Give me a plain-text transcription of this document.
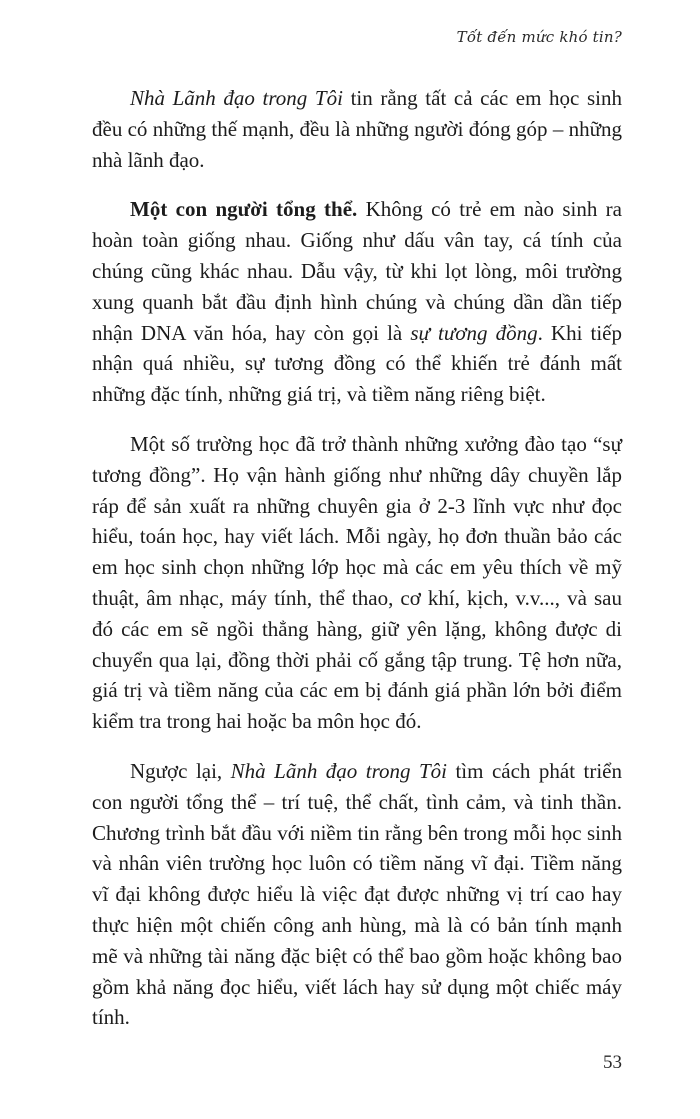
Tốt đến mức khó tin?

Nhà Lãnh đạo trong Tôi tin rằng tất cả các em học sinh đều có những thế mạnh, đều là những người đóng góp – những nhà lãnh đạo.

Một con người tổng thể. Không có trẻ em nào sinh ra hoàn toàn giống nhau. Giống như dấu vân tay, cá tính của chúng cũng khác nhau. Dẫu vậy, từ khi lọt lòng, môi trường xung quanh bắt đầu định hình chúng và chúng dần dần tiếp nhận DNA văn hóa, hay còn gọi là sự tương đồng. Khi tiếp nhận quá nhiều, sự tương đồng có thể khiến trẻ đánh mất những đặc tính, những giá trị, và tiềm năng riêng biệt.

Một số trường học đã trở thành những xưởng đào tạo “sự tương đồng”. Họ vận hành giống như những dây chuyền lắp ráp để sản xuất ra những chuyên gia ở 2-3 lĩnh vực như đọc hiểu, toán học, hay viết lách. Mỗi ngày, họ đơn thuần bảo các em học sinh chọn những lớp học mà các em yêu thích về mỹ thuật, âm nhạc, máy tính, thể thao, cơ khí, kịch, v.v..., và sau đó các em sẽ ngồi thẳng hàng, giữ yên lặng, không được di chuyển qua lại, đồng thời phải cố gắng tập trung. Tệ hơn nữa, giá trị và tiềm năng của các em bị đánh giá phần lớn bởi điểm kiểm tra trong hai hoặc ba môn học đó.

Ngược lại, Nhà Lãnh đạo trong Tôi tìm cách phát triển con người tổng thể – trí tuệ, thể chất, tình cảm, và tinh thần. Chương trình bắt đầu với niềm tin rằng bên trong mỗi học sinh và nhân viên trường học luôn có tiềm năng vĩ đại. Tiềm năng vĩ đại không được hiểu là việc đạt được những vị trí cao hay thực hiện một chiến công anh hùng, mà là có bản tính mạnh mẽ và những tài năng đặc biệt có thể bao gồm hoặc không bao gồm khả năng đọc hiểu, viết lách hay sử dụng một chiếc máy tính.

53
